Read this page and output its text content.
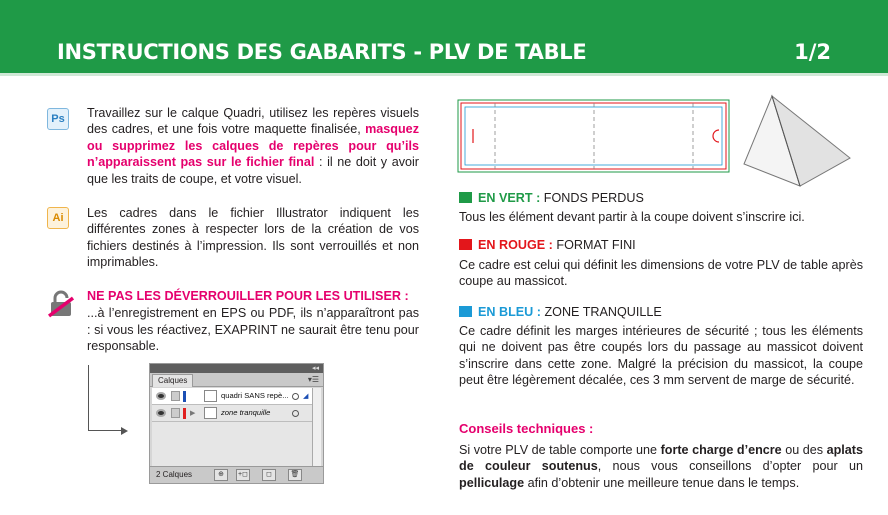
INSTRUCTIONS DES GABARITS - PLV DE TABLE	1/2
Ps	Travaillez sur le calque Quadri, utilisez les repères visuels des cadres, et une fois votre maquette finalisée, masquez ou supprimez les calques de repères pour qu’ils n’apparaissent pas sur le fichier final : il ne doit y avoir que les traits de coupe, et votre visuel.
Ai	Les cadres dans le fichier Illustrator indiquent les différentes zones à respecter lors de la création de vos fichiers destinés à l’impression. Ils sont verrouillés et non imprimables.
NE PAS LES DÉVERROUILLER POUR LES UTILISER :
...à l’enregistrement en EPS ou PDF, ils n’apparaîtront pas : si vous les réactivez, EXAPRINT ne saurait être tenu pour responsable.
◂◂
Calques	▾☰
quadri SANS repè... ◢
▶	zone tranquille
2 Calques	⊕	+◻	◻	🗑
EN VERT : FONDS PERDUS
Tous les élément devant partir à la coupe doivent s’inscrire ici.
EN ROUGE : FORMAT FINI
Ce cadre est celui qui définit les dimensions de votre PLV de table après coupe au massicot.
EN BLEU : ZONE TRANQUILLE
Ce cadre définit les marges intérieures de sécurité ; tous les éléments qui ne doivent pas être coupés lors du passage au massicot doivent s’inscrire dans cette zone. Malgré la précision du massicot, la coupe peut être légèrement décalée, ces 3 mm servent de marge de sécurité.
Conseils techniques :
Si votre PLV de table comporte une forte charge d’encre ou des aplats de couleur soutenus, nous vous conseillons d’opter pour un pelliculage afin d’obtenir une meilleure tenue dans le temps.
